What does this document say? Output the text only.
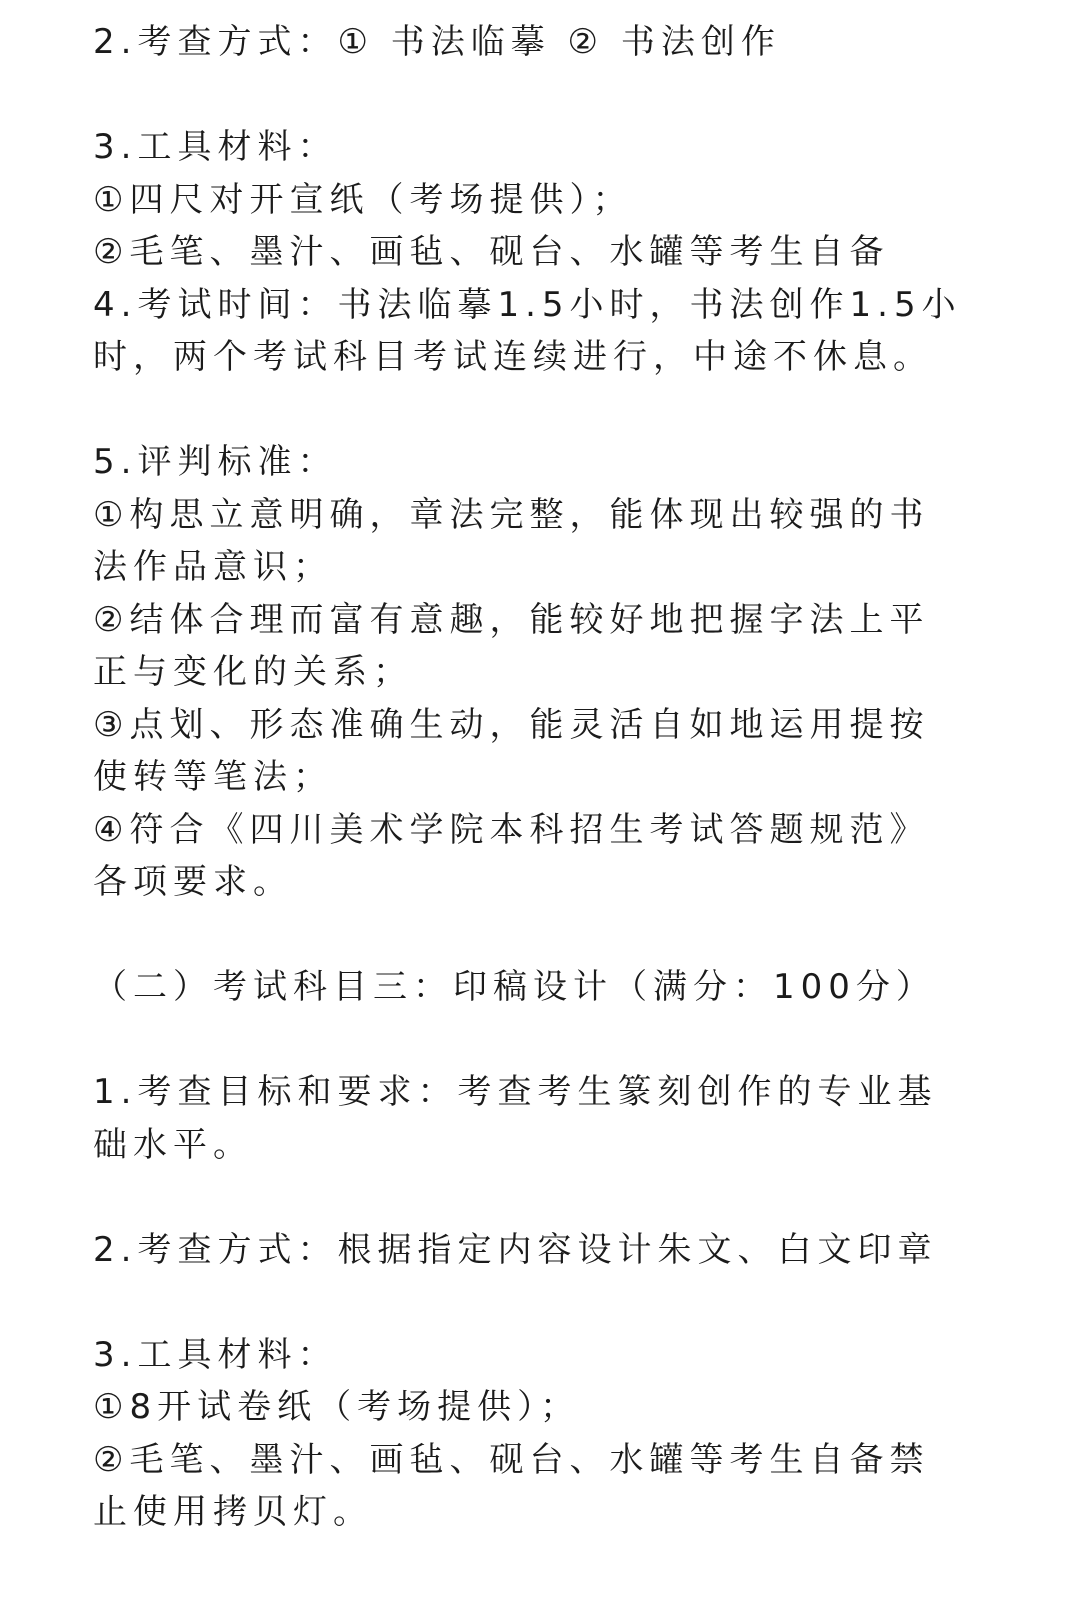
2.考查方式：① 书法临摹 ② 书法创作
3.工具材料：
①四尺对开宣纸（考场提供）；
②毛笔、墨汁、画毡、砚台、水罐等考生自备
4.考试时间：书法临摹1.5小时，书法创作1.5小
时，两个考试科目考试连续进行，中途不休息。
5.评判标准：
①构思立意明确，章法完整，能体现出较强的书
法作品意识；
②结体合理而富有意趣，能较好地把握字法上平
正与变化的关系；
③点划、形态准确生动，能灵活自如地运用提按
使转等笔法；
④符合《四川美术学院本科招生考试答题规范》
各项要求。
（二）考试科目三：印稿设计（满分：100分）
1.考查目标和要求：考查考生篆刻创作的专业基
础水平。
2.考查方式：根据指定内容设计朱文、白文印章
3.工具材料：
①8开试卷纸（考场提供）；
②毛笔、墨汁、画毡、砚台、水罐等考生自备禁
止使用拷贝灯。
